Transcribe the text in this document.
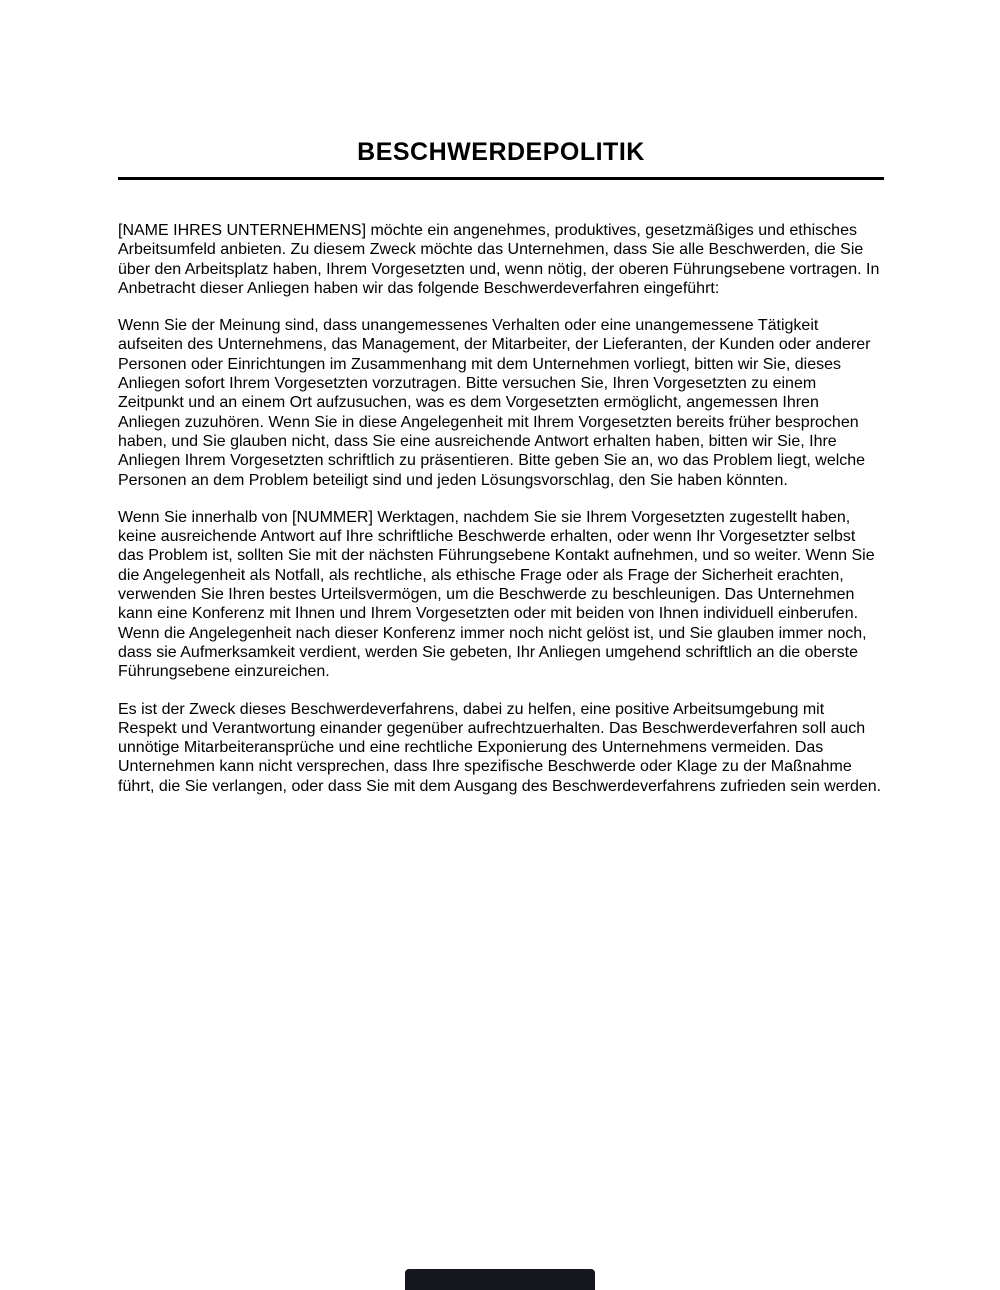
BESCHWERDEPOLITIK

[NAME IHRES UNTERNEHMENS] möchte ein angenehmes, produktives, gesetzmäßiges und ethisches Arbeitsumfeld anbieten. Zu diesem Zweck möchte das Unternehmen, dass Sie alle Beschwerden, die Sie über den Arbeitsplatz haben, Ihrem Vorgesetzten und, wenn nötig, der oberen Führungsebene vortragen. In Anbetracht dieser Anliegen haben wir das folgende Beschwerdeverfahren eingeführt:

Wenn Sie der Meinung sind, dass unangemessenes Verhalten oder eine unangemessene Tätigkeit aufseiten des Unternehmens, das Management, der Mitarbeiter, der Lieferanten, der Kunden oder anderer Personen oder Einrichtungen im Zusammenhang mit dem Unternehmen vorliegt, bitten wir Sie, dieses Anliegen sofort Ihrem Vorgesetzten vorzutragen. Bitte versuchen Sie, Ihren Vorgesetzten zu einem Zeitpunkt und an einem Ort aufzusuchen, was es dem Vorgesetzten ermöglicht, angemessen Ihren Anliegen zuzuhören. Wenn Sie in diese Angelegenheit mit Ihrem Vorgesetzten bereits früher besprochen haben, und Sie glauben nicht, dass Sie eine ausreichende Antwort erhalten haben, bitten wir Sie, Ihre Anliegen Ihrem Vorgesetzten schriftlich zu präsentieren. Bitte geben Sie an, wo das Problem liegt, welche Personen an dem Problem beteiligt sind und jeden Lösungsvorschlag, den Sie haben könnten.

Wenn Sie innerhalb von [NUMMER] Werktagen, nachdem Sie sie Ihrem Vorgesetzten zugestellt haben, keine ausreichende Antwort auf Ihre schriftliche Beschwerde erhalten, oder wenn Ihr Vorgesetzter selbst das Problem ist, sollten Sie mit der nächsten Führungsebene Kontakt aufnehmen, und so weiter. Wenn Sie die Angelegenheit als Notfall, als rechtliche, als ethische Frage oder als Frage der Sicherheit erachten, verwenden Sie Ihren bestes Urteilsvermögen, um die Beschwerde zu beschleunigen. Das Unternehmen kann eine Konferenz mit Ihnen und Ihrem Vorgesetzten oder mit beiden von Ihnen individuell einberufen. Wenn die Angelegenheit nach dieser Konferenz immer noch nicht gelöst ist, und Sie glauben immer noch, dass sie Aufmerksamkeit verdient, werden Sie gebeten, Ihr Anliegen umgehend schriftlich an die oberste Führungsebene einzureichen.

Es ist der Zweck dieses Beschwerdeverfahrens, dabei zu helfen, eine positive Arbeitsumgebung mit Respekt und Verantwortung einander gegenüber aufrechtzuerhalten. Das Beschwerdeverfahren soll auch unnötige Mitarbeiteransprüche und eine rechtliche Exponierung des Unternehmens vermeiden. Das Unternehmen kann nicht versprechen, dass Ihre spezifische Beschwerde oder Klage zu der Maßnahme führt, die Sie verlangen, oder dass Sie mit dem Ausgang des Beschwerdeverfahrens zufrieden sein werden.
